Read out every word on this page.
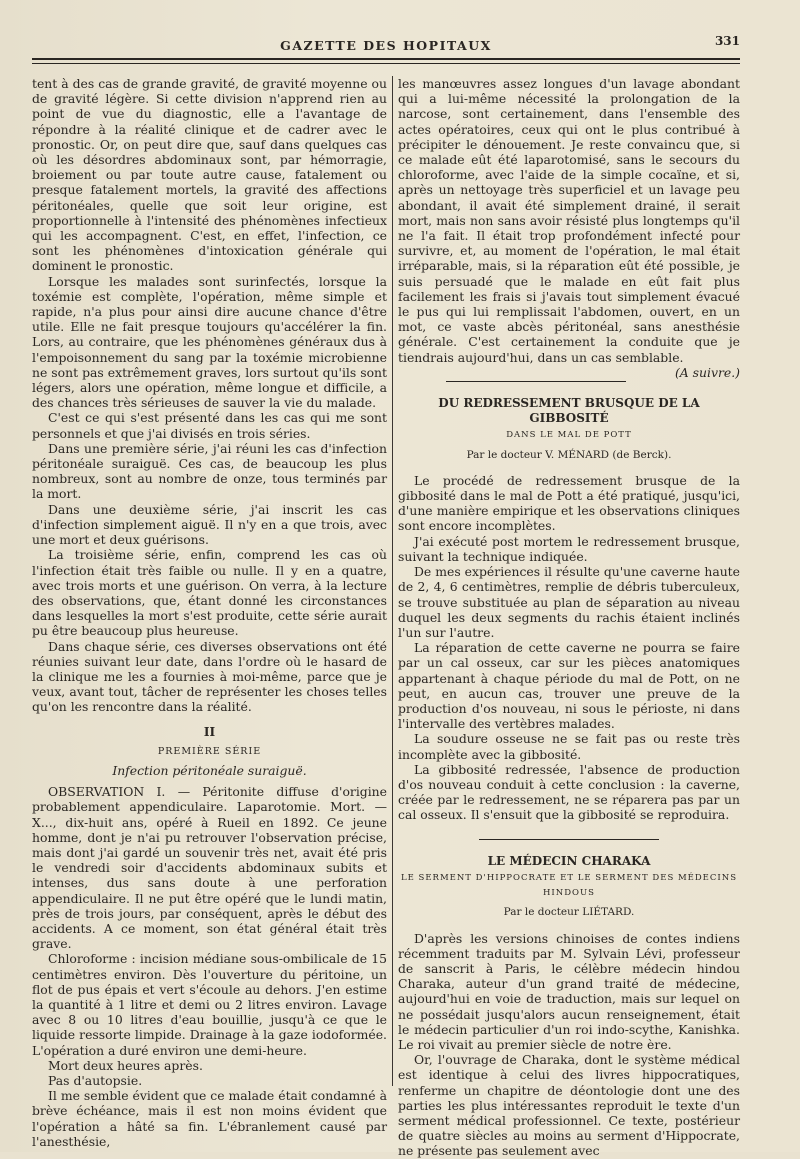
GAZETTE DES HOPITAUX	331

tent à des cas de grande gravité, de gravité moyenne ou de gravité légère. Si cette division n'apprend rien au point de vue du diagnostic, elle a l'avantage de répondre à la réalité clinique et de cadrer avec le pronostic. Or, on peut dire que, sauf dans quelques cas où les désordres abdominaux sont, par hémorragie, broiement ou par toute autre cause, fatalement ou presque fatalement mortels, la gravité des affections péritonéales, quelle que soit leur origine, est proportionnelle à l'intensité des phénomènes infectieux qui les accompagnent. C'est, en effet, l'infection, ce sont les phénomènes d'intoxication générale qui dominent le pronostic.

Lorsque les malades sont surinfectés, lorsque la toxémie est complète, l'opération, même simple et rapide, n'a plus pour ainsi dire aucune chance d'être utile. Elle ne fait presque toujours qu'accélérer la fin. Lors, au contraire, que les phénomènes généraux dus à l'empoisonnement du sang par la toxémie microbienne ne sont pas extrêmement graves, lors surtout qu'ils sont légers, alors une opération, même longue et difficile, a des chances très sérieuses de sauver la vie du malade.

C'est ce qui s'est présenté dans les cas qui me sont personnels et que j'ai divisés en trois séries.

Dans une première série, j'ai réuni les cas d'infection péritonéale suraiguë. Ces cas, de beaucoup les plus nombreux, sont au nombre de onze, tous terminés par la mort.

Dans une deuxième série, j'ai inscrit les cas d'infection simplement aiguë. Il n'y en a que trois, avec une mort et deux guérisons.

La troisième série, enfin, comprend les cas où l'infection était très faible ou nulle. Il y en a quatre, avec trois morts et une guérison. On verra, à la lecture des observations, que, étant donné les circonstances dans lesquelles la mort s'est produite, cette série aurait pu être beaucoup plus heureuse.

Dans chaque série, ces diverses observations ont été réunies suivant leur date, dans l'ordre où le hasard de la clinique me les a fournies à moi-même, parce que je veux, avant tout, tâcher de représenter les choses telles qu'on les rencontre dans la réalité.

II
PREMIÈRE SÉRIE
Infection péritonéale suraiguë.

OBSERVATION I. — Péritonite diffuse d'origine probablement appendiculaire. Laparotomie. Mort. — X..., dix-huit ans, opéré à Rueil en 1892. Ce jeune homme, dont je n'ai pu retrouver l'observation précise, mais dont j'ai gardé un souvenir très net, avait été pris le vendredi soir d'accidents abdominaux subits et intenses, dus sans doute à une perforation appendiculaire. Il ne put être opéré que le lundi matin, près de trois jours, par conséquent, après le début des accidents. A ce moment, son état général était très grave.

Chloroforme : incision médiane sous-ombilicale de 15 centimètres environ. Dès l'ouverture du péritoine, un flot de pus épais et vert s'écoule au dehors. J'en estime la quantité à 1 litre et demi ou 2 litres environ. Lavage avec 8 ou 10 litres d'eau bouillie, jusqu'à ce que le liquide ressorte limpide. Drainage à la gaze iodoformée. L'opération a duré environ une demi-heure.

Mort deux heures après.

Pas d'autopsie.

Il me semble évident que ce malade était condamné à brève échéance, mais il est non moins évident que l'opération a hâté sa fin. L'ébranlement causé par l'anesthésie,

les manœuvres assez longues d'un lavage abondant qui a lui-même nécessité la prolongation de la narcose, sont certainement, dans l'ensemble des actes opératoires, ceux qui ont le plus contribué à précipiter le dénouement. Je reste convaincu que, si ce malade eût été laparotomisé, sans le secours du chloroforme, avec l'aide de la simple cocaïne, et si, après un nettoyage très superficiel et un lavage peu abondant, il avait été simplement drainé, il serait mort, mais non sans avoir résisté plus longtemps qu'il ne l'a fait. Il était trop profondément infecté pour survivre, et, au moment de l'opération, le mal était irréparable, mais, si la réparation eût été possible, je suis persuadé que le malade en eût fait plus facilement les frais si j'avais tout simplement évacué le pus qui lui remplissait l'abdomen, ouvert, en un mot, ce vaste abcès péritonéal, sans anesthésie générale. C'est certainement la conduite que je tiendrais aujourd'hui, dans un cas semblable.

(A suivre.)

DU REDRESSEMENT BRUSQUE DE LA GIBBOSITÉ
DANS LE MAL DE POTT
Par le docteur V. MÉNARD (de Berck).

Le procédé de redressement brusque de la gibbosité dans le mal de Pott a été pratiqué, jusqu'ici, d'une manière empirique et les observations cliniques sont encore incomplètes.

J'ai exécuté post mortem le redressement brusque, suivant la technique indiquée.

De mes expériences il résulte qu'une caverne haute de 2, 4, 6 centimètres, remplie de débris tuberculeux, se trouve substituée au plan de séparation au niveau duquel les deux segments du rachis étaient inclinés l'un sur l'autre.

La réparation de cette caverne ne pourra se faire par un cal osseux, car sur les pièces anatomiques appartenant à chaque période du mal de Pott, on ne peut, en aucun cas, trouver une preuve de la production d'os nouveau, ni sous le périoste, ni dans l'intervalle des vertèbres malades.

La soudure osseuse ne se fait pas ou reste très incomplète avec la gibbosité.

La gibbosité redressée, l'absence de production d'os nouveau conduit à cette conclusion : la caverne, créée par le redressement, ne se réparera pas par un cal osseux. Il s'ensuit que la gibbosité se reproduira.

LE MÉDECIN CHARAKA
LE SERMENT D'HIPPOCRATE ET LE SERMENT DES MÉDECINS HINDOUS
Par le docteur LIÉTARD.

D'après les versions chinoises de contes indiens récemment traduits par M. Sylvain Lévi, professeur de sanscrit à Paris, le célèbre médecin hindou Charaka, auteur d'un grand traité de médecine, aujourd'hui en voie de traduction, mais sur lequel on ne possédait jusqu'alors aucun renseignement, était le médecin particulier d'un roi indo-scythe, Kanishka. Le roi vivait au premier siècle de notre ère.

Or, l'ouvrage de Charaka, dont le système médical est identique à celui des livres hippocratiques, renferme un chapitre de déontologie dont une des parties les plus intéressantes reproduit le texte d'un serment médical professionnel. Ce texte, postérieur de quatre siècles au moins au serment d'Hippocrate, ne présente pas seulement avec
